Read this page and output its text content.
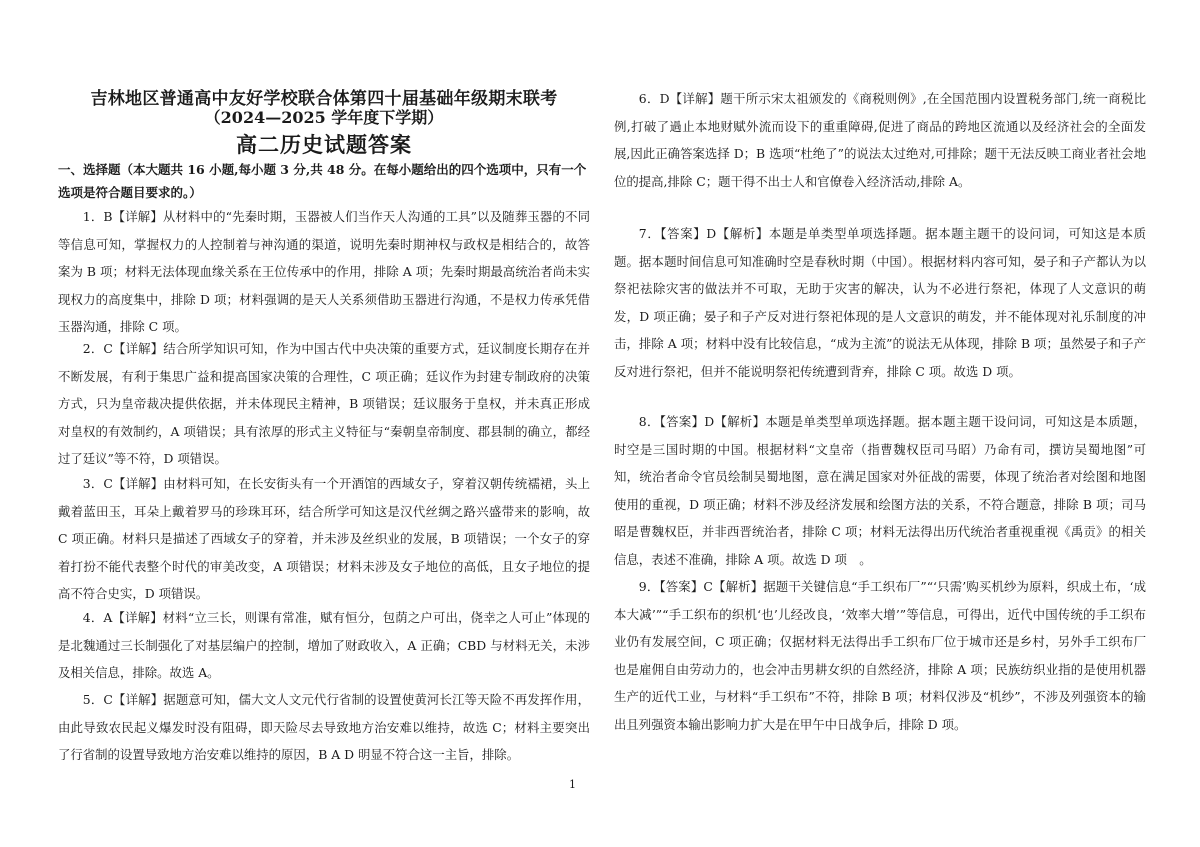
吉林地区普通高中友好学校联合体第四十届基础年级期末联考
（2024—2025 学年度下学期）
高二历史试题答案
一、选择题（本大题共 16 小题,每小题 3 分,共 48 分。在每小题给出的四个选项中，只有一个选项是符合题目要求的。）

1．B【详解】从材料中的“先秦时期，玉器被人们当作天人沟通的工具”以及随葬玉器的不同等信息可知，掌握权力的人控制着与神沟通的渠道，说明先秦时期神权与政权是相结合的，故答案为 B 项；材料无法体现血缘关系在王位传承中的作用，排除 A 项；先秦时期最高统治者尚未实现权力的高度集中，排除 D 项；材料强调的是天人关系须借助玉器进行沟通，不是权力传承凭借玉器沟通，排除 C 项。

2．C【详解】结合所学知识可知，作为中国古代中央决策的重要方式，廷议制度长期存在并不断发展，有利于集思广益和提高国家决策的合理性，C 项正确；廷议作为封建专制政府的决策方式，只为皇帝裁决提供依据，并未体现民主精神，B 项错误；廷议服务于皇权，并未真正形成对皇权的有效制约，A 项错误；具有浓厚的形式主义特征与“秦朝皇帝制度、郡县制的确立，都经过了廷议”等不符，D 项错误。

3．C【详解】由材料可知，在长安街头有一个开酒馆的西域女子，穿着汉朝传统襦裙，头上戴着蓝田玉，耳朵上戴着罗马的珍珠耳环，结合所学可知这是汉代丝绸之路兴盛带来的影响，故 C 项正确。材料只是描述了西域女子的穿着，并未涉及丝织业的发展，B 项错误；一个女子的穿着打扮不能代表整个时代的审美改变，A 项错误；材料未涉及女子地位的高低，且女子地位的提高不符合史实，D 项错误。

4．A【详解】材料“立三长，则课有常准，赋有恒分，包荫之户可出，侥幸之人可止”体现的是北魏通过三长制强化了对基层编户的控制，增加了财政收入，A 正确；CBD 与材料无关，未涉及相关信息，排除。故选 A。

5．C【详解】据题意可知，儒大文人文元代行省制的设置使黄河长江等天险不再发挥作用，由此导致农民起义爆发时没有阻碍，即天险尽去导致地方治安难以维持，故选 C；材料主要突出了行省制的设置导致地方治安难以维持的原因，B A D 明显不符合这一主旨，排除。

6．D【详解】题干所示宋太祖颁发的《商税则例》,在全国范围内设置税务部门,统一商税比例,打破了過止本地财赋外流而设下的重重障碍,促进了商品的跨地区流通以及经济社会的全面发展,因此正确答案选择 D；B 选项“杜绝了”的说法太过绝对,可排除；题干无法反映工商业者社会地位的提高,排除 C；题干得不出士人和官僚卷入经济活动,排除 A。

7．【答案】D【解析】本题是单类型单项选择题。据本题主题干的设问词，可知这是本质题。据本题时间信息可知准确时空是春秋时期（中国）。根据材料内容可知，晏子和子产都认为以祭祀祛除灾害的做法并不可取，无助于灾害的解决，认为不必进行祭祀，体现了人文意识的萌发，D 项正确；晏子和子产反对进行祭祀体现的是人文意识的萌发，并不能体现对礼乐制度的冲击，排除 A 项；材料中没有比较信息，“成为主流”的说法无从体现，排除 B 项；虽然晏子和子产反对进行祭祀，但并不能说明祭祀传统遭到背弃，排除 C 项。故选 D 项。

8．【答案】D【解析】本题是单类型单项选择题。据本题主题干设问词，可知这是本质题，时空是三国时期的中国。根据材料“文皇帝（指曹魏权臣司马昭）乃命有司，撰访吴蜀地图”可知，统治者命令官员绘制吴蜀地图，意在满足国家对外征战的需要，体现了统治者对绘图和地图使用的重视，D 项正确；材料不涉及经济发展和绘图方法的关系，不符合题意，排除 B 项；司马昭是曹魏权臣，并非西晋统治者，排除 C 项；材料无法得出历代统治者重视重视《禹贡》的相关信息，表述不准确，排除 A 项。故选 D 项　。

9．【答案】C【解析】据题干关键信息“手工织布厂”“‘只需’购买机纱为原料，织成土布，‘成本大减’”“手工织布的织机‘也’儿经改良，‘效率大增’”等信息，可得出，近代中国传统的手工织布业仍有发展空间，C 项正确；仅据材料无法得出手工织布厂位于城市还是乡村，另外手工织布厂也是雇佣自由劳动力的，也会冲击男耕女织的自然经济，排除 A 项；民族纺织业指的是使用机器生产的近代工业，与材料“手工织布”不符，排除 B 项；材料仅涉及“机纱”，不涉及列强资本的输出且列强资本输出影响力扩大是在甲午中日战争后，排除 D 项。

1
